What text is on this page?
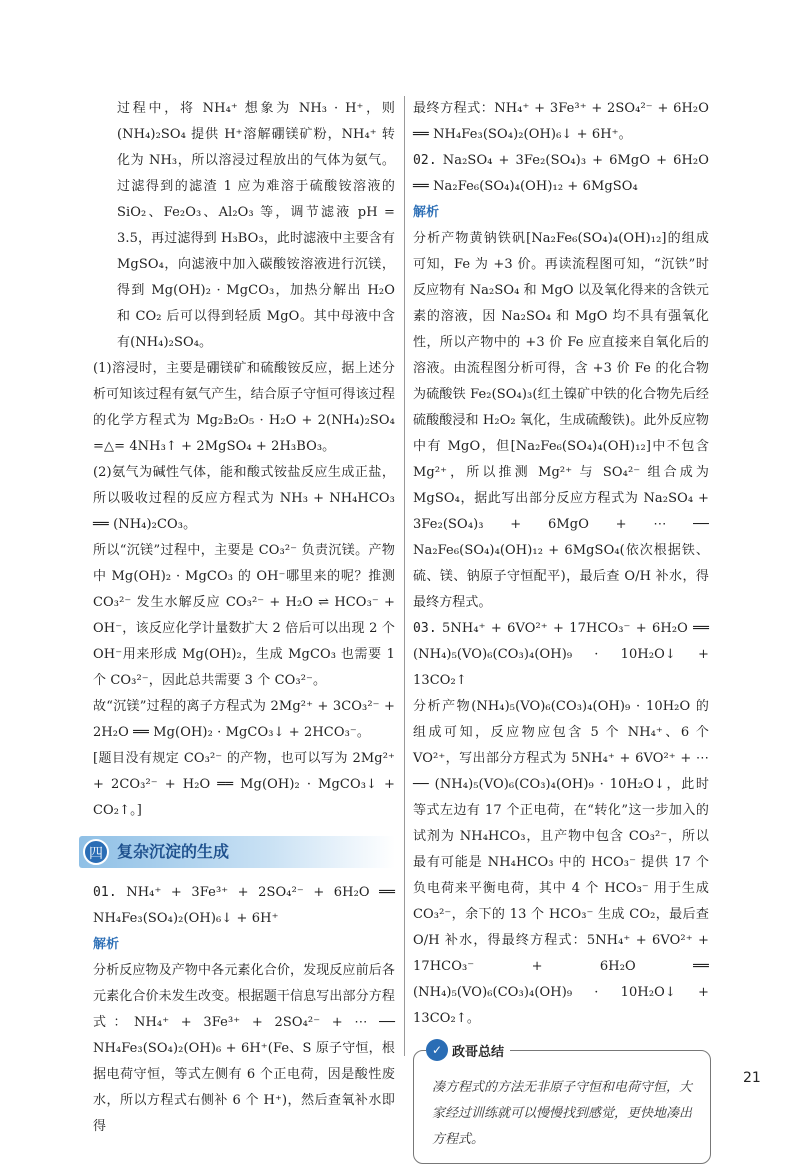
过程中，将 NH₄⁺ 想象为 NH₃ · H⁺，则 (NH₄)₂SO₄ 提供 H⁺溶解硼镁矿粉，NH₄⁺ 转化为 NH₃，所以溶浸过程放出的气体为氨气。过滤得到的滤渣 1 应为难溶于硫酸铵溶液的 SiO₂、Fe₂O₃、Al₂O₃ 等，调节滤液 pH = 3.5，再过滤得到 H₃BO₃，此时滤液中主要含有 MgSO₄，向滤液中加入碳酸铵溶液进行沉镁，得到 Mg(OH)₂ · MgCO₃，加热分解出 H₂O 和 CO₂ 后可以得到轻质 MgO。其中母液中含有(NH₄)₂SO₄。

(1)溶浸时，主要是硼镁矿和硫酸铵反应，据上述分析可知该过程有氨气产生，结合原子守恒可得该过程的化学方程式为 Mg₂B₂O₅ · H₂O + 2(NH₄)₂SO₄ =△= 4NH₃↑ + 2MgSO₄ + 2H₃BO₃。

(2)氨气为碱性气体，能和酸式铵盐反应生成正盐，所以吸收过程的反应方程式为 NH₃ + NH₄HCO₃ ══ (NH₄)₂CO₃。

所以“沉镁”过程中，主要是 CO₃²⁻ 负责沉镁。产物中 Mg(OH)₂ · MgCO₃ 的 OH⁻哪里来的呢？推测 CO₃²⁻ 发生水解反应 CO₃²⁻ + H₂O ⇌ HCO₃⁻ + OH⁻，该反应化学计量数扩大 2 倍后可以出现 2 个 OH⁻用来形成 Mg(OH)₂，生成 MgCO₃ 也需要 1 个 CO₃²⁻，因此总共需要 3 个 CO₃²⁻。

故“沉镁”过程的离子方程式为 2Mg²⁺ + 3CO₃²⁻ + 2H₂O ══ Mg(OH)₂ · MgCO₃↓ + 2HCO₃⁻。

[题目没有规定 CO₃²⁻ 的产物，也可以写为 2Mg²⁺ + 2CO₃²⁻ + H₂O ══ Mg(OH)₂ · MgCO₃↓ + CO₂↑。]

四 复杂沉淀的生成

01. NH₄⁺ + 3Fe³⁺ + 2SO₄²⁻ + 6H₂O ══ NH₄Fe₃(SO₄)₂(OH)₆↓ + 6H⁺

解析

分析反应物及产物中各元素化合价，发现反应前后各元素化合价未发生改变。根据题干信息写出部分方程式：NH₄⁺ + 3Fe³⁺ + 2SO₄²⁻ + ⋯ ── NH₄Fe₃(SO₄)₂(OH)₆ + 6H⁺(Fe、S 原子守恒，根据电荷守恒，等式左侧有 6 个正电荷，因是酸性废水，所以方程式右侧补 6 个 H⁺)，然后查氧补水即得

最终方程式：NH₄⁺ + 3Fe³⁺ + 2SO₄²⁻ + 6H₂O ══ NH₄Fe₃(SO₄)₂(OH)₆↓ + 6H⁺。

02. Na₂SO₄ + 3Fe₂(SO₄)₃ + 6MgO + 6H₂O ══ Na₂Fe₆(SO₄)₄(OH)₁₂ + 6MgSO₄

解析

分析产物黄钠铁矾[Na₂Fe₆(SO₄)₄(OH)₁₂]的组成可知，Fe 为 +3 价。再读流程图可知，“沉铁”时反应物有 Na₂SO₄ 和 MgO 以及氧化得来的含铁元素的溶液，因 Na₂SO₄ 和 MgO 均不具有强氧化性，所以产物中的 +3 价 Fe 应直接来自氧化后的溶液。由流程图分析可得，含 +3 价 Fe 的化合物为硫酸铁 Fe₂(SO₄)₃(红土镍矿中铁的化合物先后经硫酸酸浸和 H₂O₂ 氧化，生成硫酸铁)。此外反应物中有 MgO，但[Na₂Fe₆(SO₄)₄(OH)₁₂]中不包含 Mg²⁺，所以推测 Mg²⁺ 与 SO₄²⁻ 组合成为 MgSO₄，据此写出部分反应方程式为 Na₂SO₄ + 3Fe₂(SO₄)₃ + 6MgO + ⋯ ── Na₂Fe₆(SO₄)₄(OH)₁₂ + 6MgSO₄(依次根据铁、硫、镁、钠原子守恒配平)，最后查 O/H 补水，得最终方程式。

03. 5NH₄⁺ + 6VO²⁺ + 17HCO₃⁻ + 6H₂O ══ (NH₄)₅(VO)₆(CO₃)₄(OH)₉ · 10H₂O↓ + 13CO₂↑

分析产物(NH₄)₅(VO)₆(CO₃)₄(OH)₉ · 10H₂O 的组成可知，反应物应包含 5 个 NH₄⁺、6 个 VO²⁺，写出部分方程式为 5NH₄⁺ + 6VO²⁺ + ⋯ ── (NH₄)₅(VO)₆(CO₃)₄(OH)₉ · 10H₂O↓，此时等式左边有 17 个正电荷，在“转化”这一步加入的试剂为 NH₄HCO₃，且产物中包含 CO₃²⁻，所以最有可能是 NH₄HCO₃ 中的 HCO₃⁻ 提供 17 个负电荷来平衡电荷，其中 4 个 HCO₃⁻ 用于生成 CO₃²⁻，余下的 13 个 HCO₃⁻ 生成 CO₂，最后查 O/H 补水，得最终方程式：5NH₄⁺ + 6VO²⁺ + 17HCO₃⁻ + 6H₂O ══ (NH₄)₅(VO)₆(CO₃)₄(OH)₉ · 10H₂O↓ + 13CO₂↑。

✓ 政哥总结

凑方程式的方法无非原子守恒和电荷守恒，大家经过训练就可以慢慢找到感觉，更快地凑出方程式。

21
